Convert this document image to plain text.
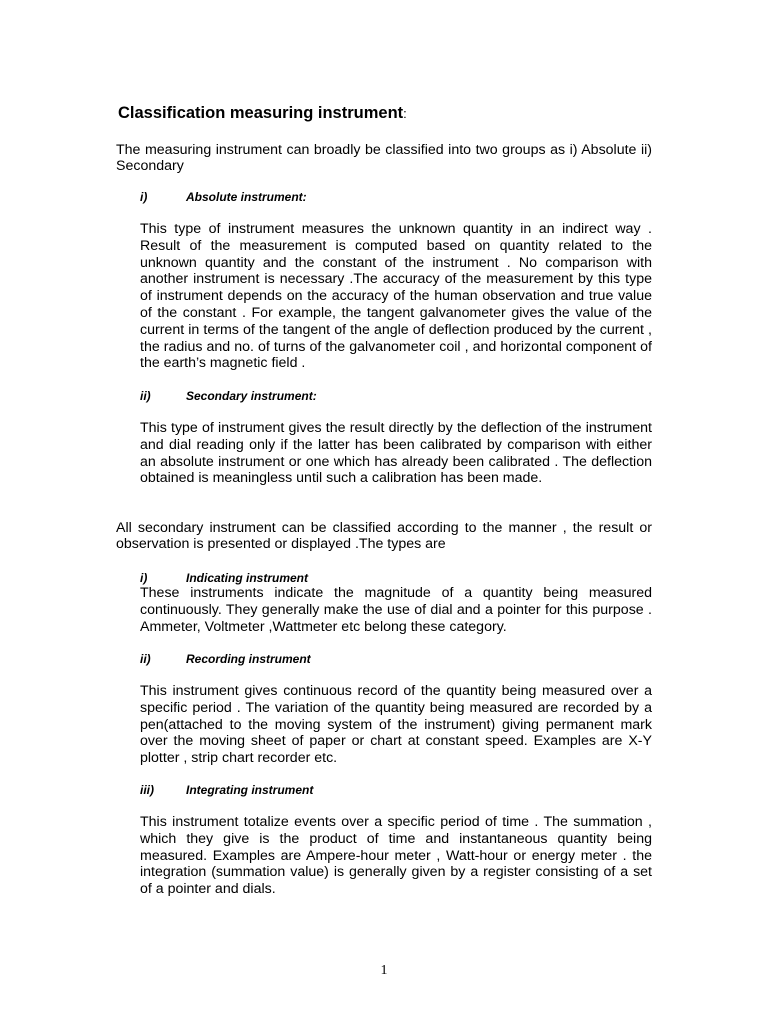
Classification measuring instrument:

The measuring instrument can broadly be classified into two groups as i) Absolute ii) Secondary

i)	Absolute instrument:

This type of instrument measures the unknown quantity in an indirect way . Result of the measurement is computed based on quantity related to the unknown quantity and the constant of the instrument . No comparison with another instrument is necessary .The accuracy of the measurement by this type of instrument depends on the accuracy of the human observation and true value of the constant . For example, the tangent galvanometer gives the value of the current in terms of the tangent of the angle of deflection produced by the current , the radius and no. of turns of the galvanometer coil , and horizontal component of the earth’s magnetic field .

ii)	Secondary instrument:

This type of instrument gives the result directly by the deflection of the instrument and dial reading only if the latter has been calibrated by comparison with either an absolute instrument or one which has already been calibrated . The deflection obtained is meaningless until such a calibration has been made.

All secondary instrument can be classified according to the manner , the result or observation is presented or displayed .The types are

i)	Indicating instrument

These instruments indicate the magnitude of a quantity being measured continuously. They generally make the use of dial and a pointer for this purpose . Ammeter, Voltmeter ,Wattmeter etc belong these category.

ii)	Recording instrument

This instrument gives continuous record of the quantity being measured over a specific period . The variation of the quantity being measured are recorded by a pen(attached to the moving system of the instrument) giving permanent mark over the moving sheet of paper or chart at constant speed. Examples are X-Y plotter , strip chart recorder etc.

iii)	Integrating instrument

This instrument totalize events over a specific period of time . The summation , which they give is the product of time and instantaneous quantity being measured. Examples are Ampere-hour meter , Watt-hour or energy meter . the integration (summation value) is generally given by a register consisting of a set of a pointer and dials.

1
